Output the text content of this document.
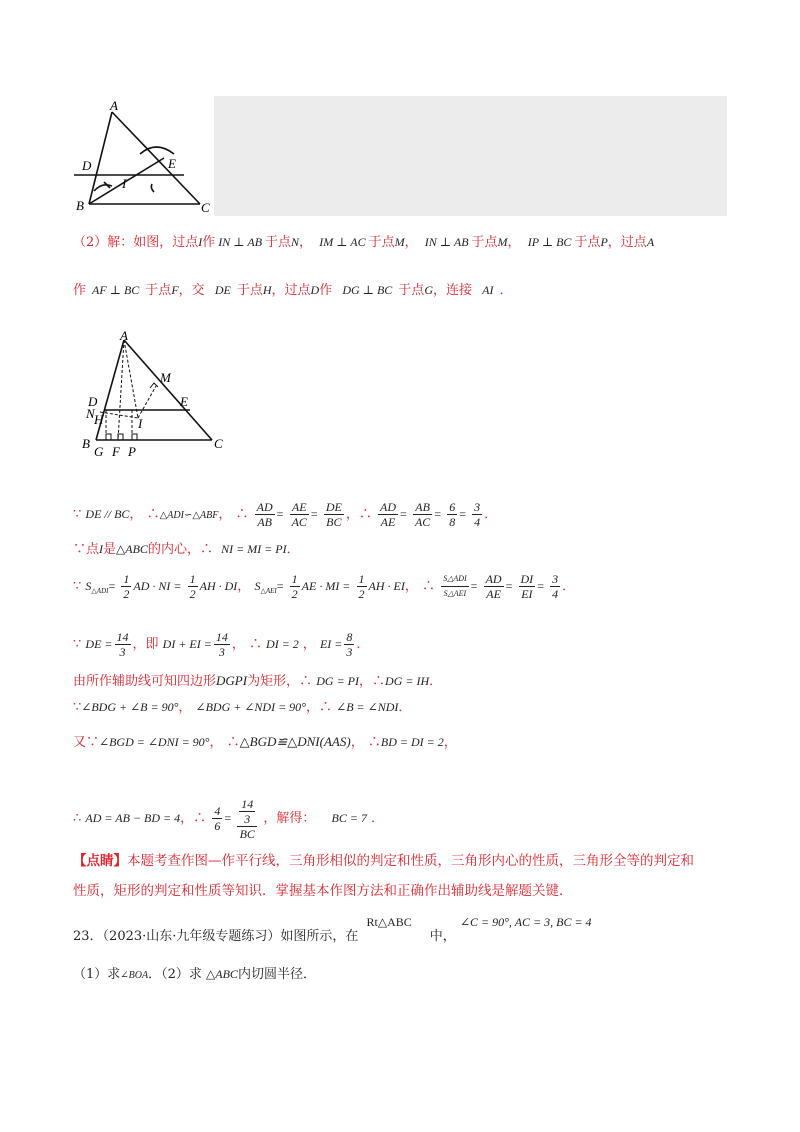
A
D	E
I
B	C
（2）解：如图，过点I作 IN ⊥ AB 于点N， IM ⊥ AC 于点M， IN ⊥ AB 于点M， IP ⊥ BC 于点P，过点A
作 AF ⊥ BC 于点F，交 DE 于点H，过点D作 DG ⊥ BC 于点G，连接 AI ．
A
M
D	E
N H	I
B	C
G F P
∵ DE // BC， ∴△ADI∽△ABF， ∴ $\frac{AD}{AB} = \frac{AE}{AC} = \frac{DE}{BC}$ ，∴ $\frac{AD}{AE} = \frac{AB}{AC} = \frac{6}{8} = \frac{3}{4}$ ．
∵点I是△ABC的内心，∴ NI = MI = PI．
∵ $S_{\triangle ADI}= \frac{1}{2}$ AD · NI = $\frac{1}{2}$ AH · DI， $S_{\triangle AEI}= \frac{1}{2}$ AE · MI = $\frac{1}{2}$ AH · EI， ∴ $\frac{\text{S△ADI}}{\text{S△AEI}} = \frac{AD}{AE} = \frac{DI}{EI} = \frac{3}{4}$ ．
∵ DE = $\frac{14}{3}$ ，即 DI + EI = $\frac{14}{3}$ ， ∴ DI = 2 ， EI = $\frac{8}{3}$ ．
由所作辅助线可知四边形DGPI为矩形，∴ DG = PI，∴DG = IH．
∵∠BDG + ∠B = 90°， ∠BDG + ∠NDI = 90°，∴ ∠B = ∠NDI．
又∵∠BGD = ∠DNI = 90°， ∴△BGD≌△DNI(AAS)， ∴BD = DI = 2，
∴ AD = AB − BD = 4，∴ $\frac{4}{6} = \frac{\frac{14}{3}}{BC}$ ，解得： BC = 7 ．
【点睛】本题考查作图—作平行线，三角形相似的判定和性质，三角形内心的性质，三角形全等的判定和
性质，矩形的判定和性质等知识．掌握基本作图方法和正确作出辅助线是解题关键．
23．（2023·山东·九年级专题练习）如图所示，在 Rt△ABC中， ∠C = 90°, AC = 3, BC = 4
（1）求∠BOA．（2）求 △ABC内切圆半径．
